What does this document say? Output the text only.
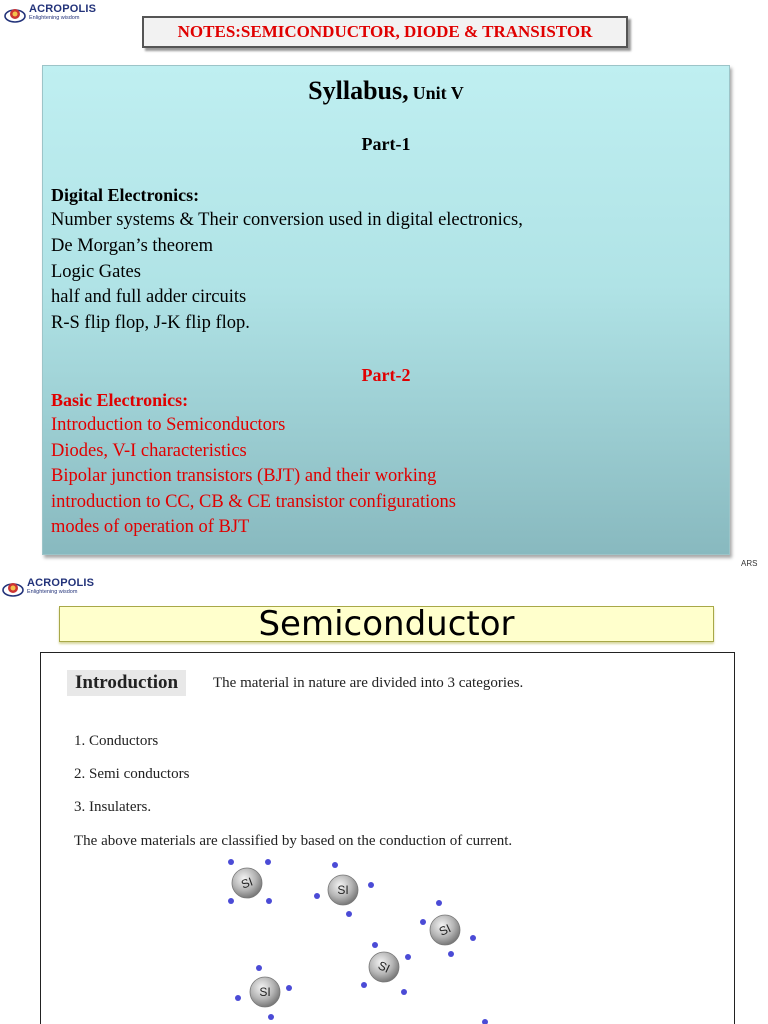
ACROPOLIS
Enlightening wisdom
NOTES:SEMICONDUCTOR, DIODE & TRANSISTOR
Syllabus, Unit V
Part-1
Digital Electronics:
Number systems & Their conversion used in digital electronics,
De Morgan’s theorem
Logic Gates
half and full adder circuits
R-S flip flop, J-K flip flop.
Part-2
Basic Electronics:
Introduction to Semiconductors
Diodes, V-I characteristics
Bipolar junction transistors (BJT) and their working
introduction to CC, CB & CE transistor configurations
modes of operation of BJT
ARS
ACROPOLIS
Enlightening wisdom
Semiconductor
Introduction	The material in nature are divided into 3 categories.
1. Conductors
2. Semi conductors
3. Insulaters.
The above materials are classified by based on the conduction of current.
SI	SI
SI
SI
SI
